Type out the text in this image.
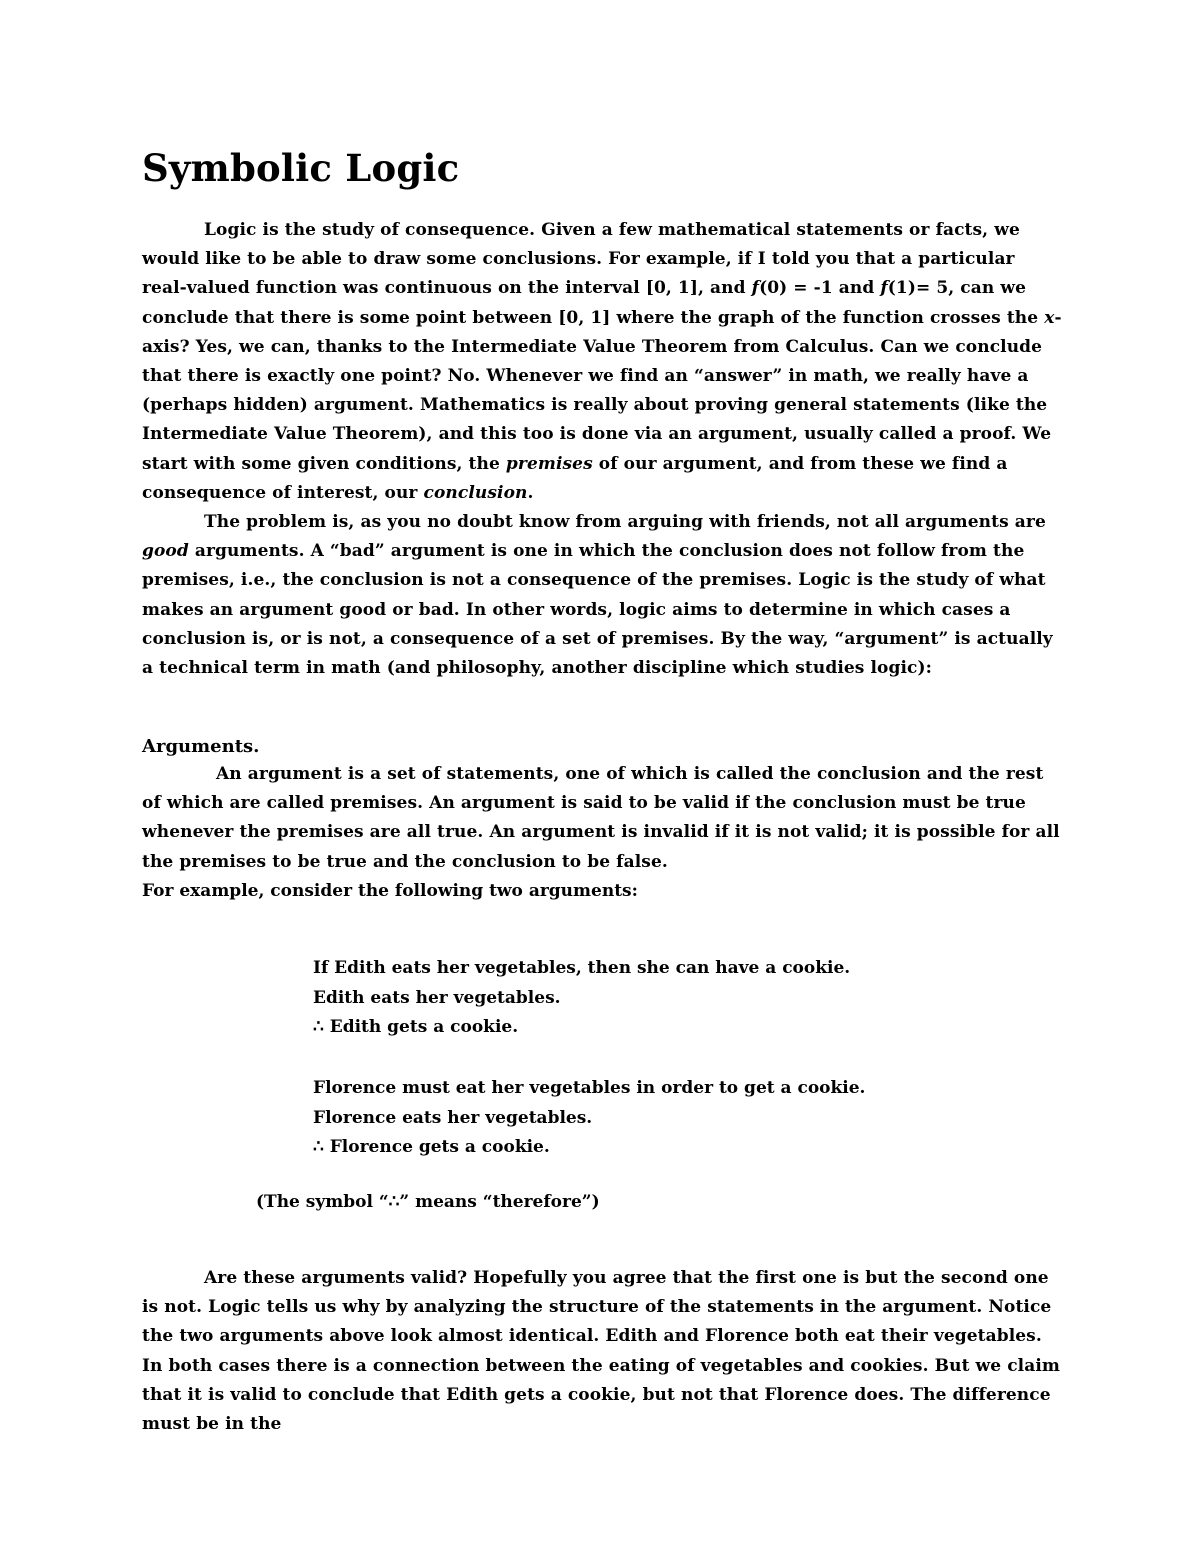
Symbolic Logic

Logic is the study of consequence. Given a few mathematical statements or facts, we would like to be able to draw some conclusions. For example, if I told you that a particular real-valued function was continuous on the interval [0, 1], and f(0) = -1 and f(1)= 5, can we conclude that there is some point between [0, 1] where the graph of the function crosses the x-axis? Yes, we can, thanks to the Intermediate Value Theorem from Calculus. Can we conclude that there is exactly one point? No. Whenever we find an “answer” in math, we really have a (perhaps hidden) argument. Mathematics is really about proving general statements (like the Intermediate Value Theorem), and this too is done via an argument, usually called a proof. We start with some given conditions, the premises of our argument, and from these we find a consequence of interest, our conclusion.

The problem is, as you no doubt know from arguing with friends, not all arguments are good arguments. A “bad” argument is one in which the conclusion does not follow from the premises, i.e., the conclusion is not a consequence of the premises. Logic is the study of what makes an argument good or bad. In other words, logic aims to determine in which cases a conclusion is, or is not, a consequence of a set of premises. By the way, “argument” is actually a technical term in math (and philosophy, another discipline which studies logic):

Arguments.

An argument is a set of statements, one of which is called the conclusion and the rest of which are called premises. An argument is said to be valid if the conclusion must be true whenever the premises are all true. An argument is invalid if it is not valid; it is possible for all the premises to be true and the conclusion to be false.

For example, consider the following two arguments:

If Edith eats her vegetables, then she can have a cookie.
Edith eats her vegetables.
∴ Edith gets a cookie.
Florence must eat her vegetables in order to get a cookie.
Florence eats her vegetables.
∴ Florence gets a cookie.

(The symbol “∴” means “therefore”)

Are these arguments valid? Hopefully you agree that the first one is but the second one is not. Logic tells us why by analyzing the structure of the statements in the argument. Notice the two arguments above look almost identical. Edith and Florence both eat their vegetables. In both cases there is a connection between the eating of vegetables and cookies. But we claim that it is valid to conclude that Edith gets a cookie, but not that Florence does. The difference must be in the
